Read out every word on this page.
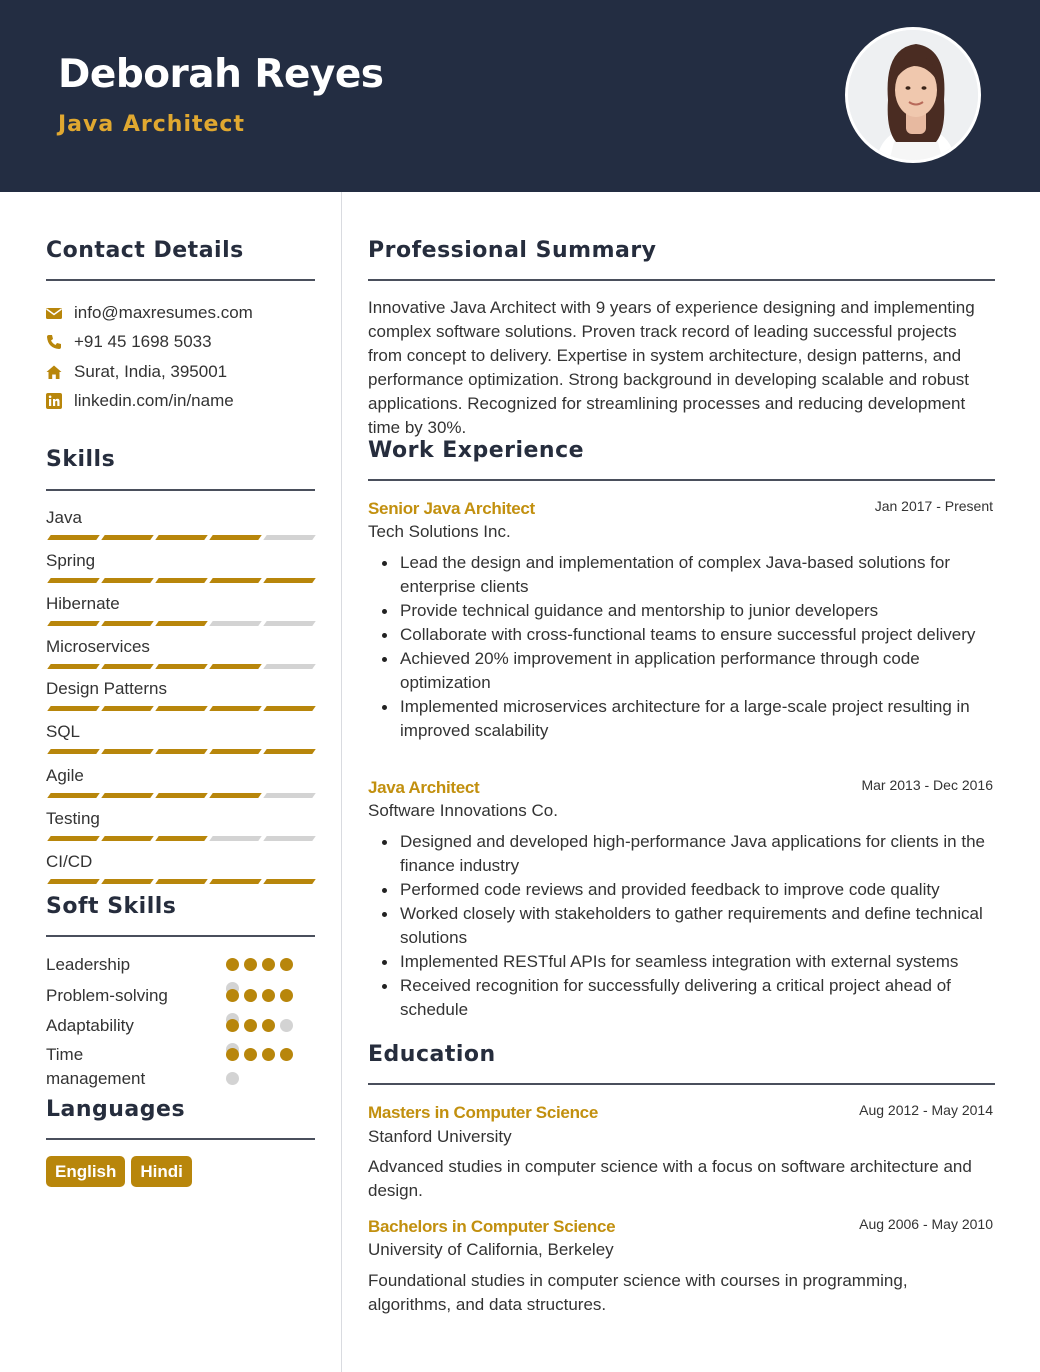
Deborah Reyes
Java Architect
Contact Details
info@maxresumes.com
+91 45 1698 5033
Surat, India, 395001
linkedin.com/in/name
Skills
Java
Spring
Hibernate
Microservices
Design Patterns
SQL
Agile
Testing
CI/CD
Soft Skills
Leadership
Problem-solving
Adaptability
Time management
Languages
English Hindi
Professional Summary
Innovative Java Architect with 9 years of experience designing and implementing complex software solutions. Proven track record of leading successful projects from concept to delivery. Expertise in system architecture, design patterns, and performance optimization. Strong background in developing scalable and robust applications. Recognized for streamlining processes and reducing development time by 30%.
Work Experience
Senior Java Architect	Jan 2017 - Present
Tech Solutions Inc.
Lead the design and implementation of complex Java-based solutions for enterprise clients
Provide technical guidance and mentorship to junior developers
Collaborate with cross-functional teams to ensure successful project delivery
Achieved 20% improvement in application performance through code optimization
Implemented microservices architecture for a large-scale project resulting in improved scalability
Java Architect	Mar 2013 - Dec 2016
Software Innovations Co.
Designed and developed high-performance Java applications for clients in the finance industry
Performed code reviews and provided feedback to improve code quality
Worked closely with stakeholders to gather requirements and define technical solutions
Implemented RESTful APIs for seamless integration with external systems
Received recognition for successfully delivering a critical project ahead of schedule
Education
Masters in Computer Science	Aug 2012 - May 2014
Stanford University
Advanced studies in computer science with a focus on software architecture and design.
Bachelors in Computer Science	Aug 2006 - May 2010
University of California, Berkeley
Foundational studies in computer science with courses in programming, algorithms, and data structures.
